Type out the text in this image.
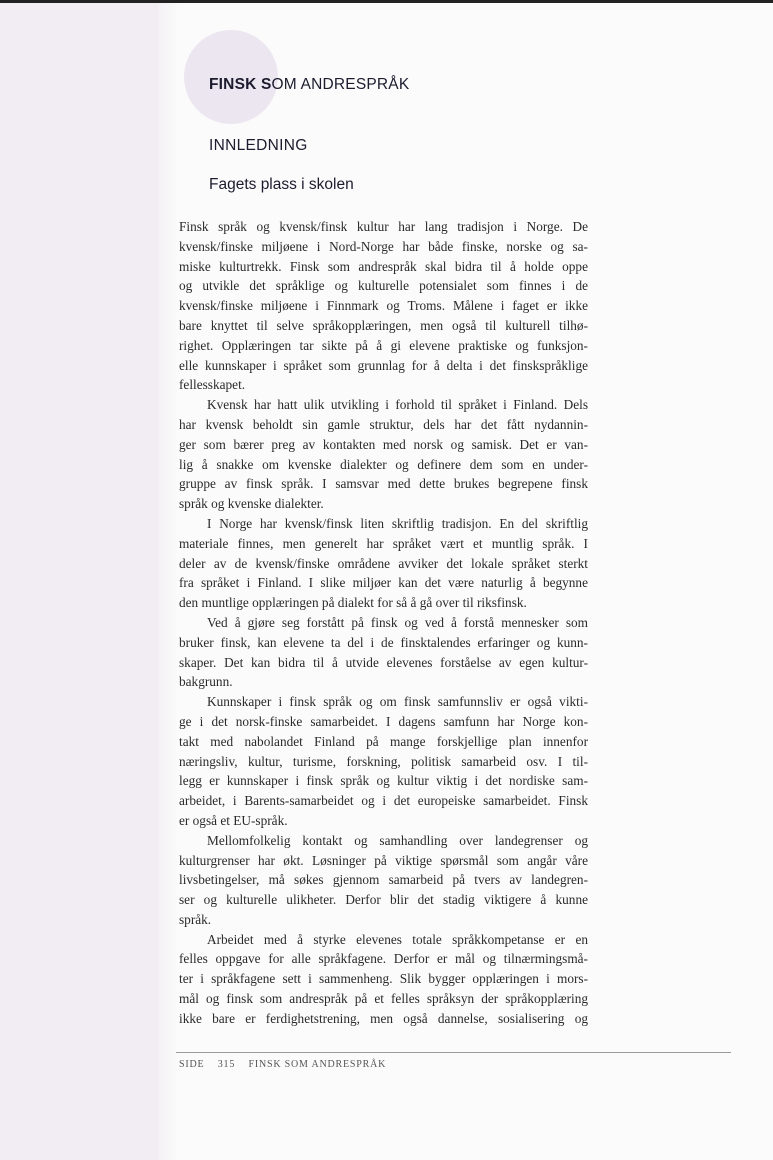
FINSK SOM ANDRESPRÅK
INNLEDNING
Fagets plass i skolen
Finsk språk og kvensk/finsk kultur har lang tradisjon i Norge. De
kvensk/finske miljøene i Nord-Norge har både finske, norske og sa-
miske kulturtrekk. Finsk som andrespråk skal bidra til å holde oppe
og utvikle det språklige og kulturelle potensialet som finnes i de
kvensk/finske miljøene i Finnmark og Troms. Målene i faget er ikke
bare knyttet til selve språkopplæringen, men også til kulturell tilhø-
righet. Opplæringen tar sikte på å gi elevene praktiske og funksjon-
elle kunnskaper i språket som grunnlag for å delta i det finskspråklige
fellesskapet.
Kvensk har hatt ulik utvikling i forhold til språket i Finland. Dels
har kvensk beholdt sin gamle struktur, dels har det fått nydannin-
ger som bærer preg av kontakten med norsk og samisk. Det er van-
lig å snakke om kvenske dialekter og definere dem som en under-
gruppe av finsk språk. I samsvar med dette brukes begrepene finsk
språk og kvenske dialekter.
I Norge har kvensk/finsk liten skriftlig tradisjon. En del skriftlig
materiale finnes, men generelt har språket vært et muntlig språk. I
deler av de kvensk/finske områdene avviker det lokale språket sterkt
fra språket i Finland. I slike miljøer kan det være naturlig å begynne
den muntlige opplæringen på dialekt for så å gå over til riksfinsk.
Ved å gjøre seg forstått på finsk og ved å forstå mennesker som
bruker finsk, kan elevene ta del i de finsktalendes erfaringer og kunn-
skaper. Det kan bidra til å utvide elevenes forståelse av egen kultur-
bakgrunn.
Kunnskaper i finsk språk og om finsk samfunnsliv er også vikti-
ge i det norsk-finske samarbeidet. I dagens samfunn har Norge kon-
takt med nabolandet Finland på mange forskjellige plan innenfor
næringsliv, kultur, turisme, forskning, politisk samarbeid osv. I til-
legg er kunnskaper i finsk språk og kultur viktig i det nordiske sam-
arbeidet, i Barents-samarbeidet og i det europeiske samarbeidet. Finsk
er også et EU-språk.
Mellomfolkelig kontakt og samhandling over landegrenser og
kulturgrenser har økt. Løsninger på viktige spørsmål som angår våre
livsbetingelser, må søkes gjennom samarbeid på tvers av landegren-
ser og kulturelle ulikheter. Derfor blir det stadig viktigere å kunne
språk.
Arbeidet med å styrke elevenes totale språkkompetanse er en
felles oppgave for alle språkfagene. Derfor er mål og tilnærmingsmå-
ter i språkfagene sett i sammenheng. Slik bygger opplæringen i mors-
mål og finsk som andrespråk på et felles språksyn der språkopplæring
ikke bare er ferdighetstrening, men også dannelse, sosialisering og
SIDE 315 FINSK SOM ANDRESPRÅK
